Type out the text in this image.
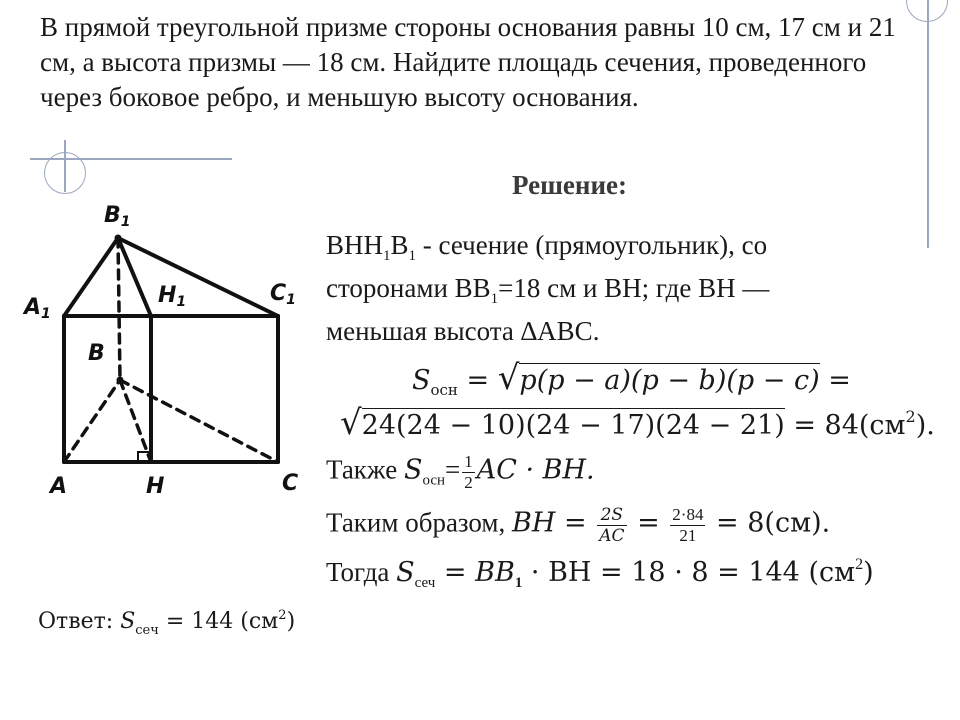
В прямой треугольной призме стороны основания равны 10 см, 17 см и 21 см, а высота призмы — 18 см. Найдите площадь сечения, проведенного через боковое ребро, и меньшую высоту основания.

Решение:
B1
A1
H1	C1
B
A	H	C
$BHH_1B_1$ - сечение (прямоугольник), со
сторонами $BB_1=18$ см и BH; где BH —
меньшая высота ∆ABC.
$S_{осн} = √p(p - a)(p - b)(p - c)$ =
$√24(24 - 10)(24 - 17)(24 - 21) = 84(см^2)$.
Также $S_{осн}= \frac{1}{2}$ AC · BH.
Таким образом, BH = $\frac{2S}{AC} = \frac{2\cdot 84}{21} = 8(см)$.
Тогда $S_{сеч} = BB_1$ · BH = 18 · 8 = 144 $(см^2)$
Ответ: $S_{сеч} = 144$ $(см^2)$
